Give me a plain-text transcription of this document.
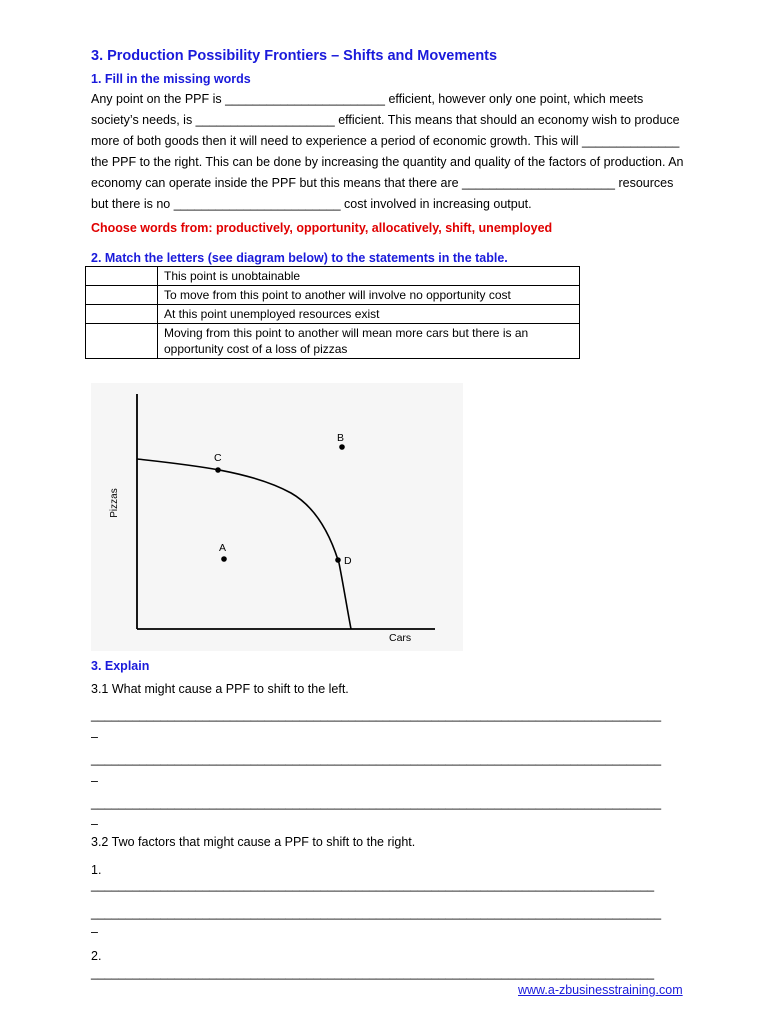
3. Production Possibility Frontiers – Shifts and Movements
1. Fill in the missing words
Any point on the PPF is _______________________ efficient, however only one point, which meets
society’s needs, is ____________________ efficient. This means that should an economy wish to produce
more of both goods then it will need to experience a period of economic growth. This will ______________
the PPF to the right. This can be done by increasing the quantity and quality of the factors of production. An
economy can operate inside the PPF but this means that there are ______________________ resources
but there is no ________________________ cost involved in increasing output.
Choose words from: productively, opportunity, allocatively, shift, unemployed
2. Match the letters (see diagram below) to the statements in the table.
	This point is unobtainable
	To move from this point to another will involve no opportunity cost
	At this point unemployed resources exist
	Moving from this point to another will mean more cars but there is an opportunity cost of a loss of pizzas
Pizzas
Cars
A
B
C
D
3. Explain
3.1 What might cause a PPF to shift to the left.
__________________________________________________________________________________
–
__________________________________________________________________________________
–
__________________________________________________________________________________
–
3.2 Two factors that might cause a PPF to shift to the right.
1.
_________________________________________________________________________________
__________________________________________________________________________________
–
2.
_________________________________________________________________________________
www.a-zbusinesstraining.com
